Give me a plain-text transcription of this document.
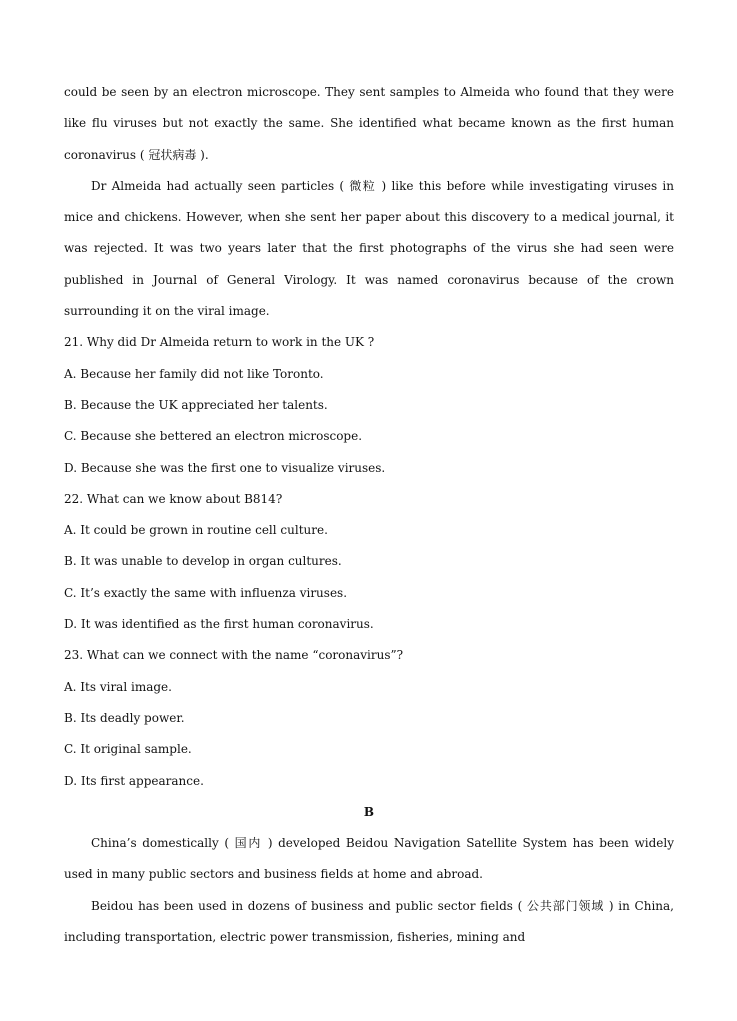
could be seen by an electron microscope. They sent samples to Almeida who found that they were like flu viruses but not exactly the same. She identified what became known as the first human coronavirus ( 冠状病毒 ).

Dr Almeida had actually seen particles ( 微粒 ) like this before while investigating viruses in mice and chickens. However, when she sent her paper about this discovery to a medical journal, it was rejected. It was two years later that the first photographs of the virus she had seen were published in Journal of General Virology. It was named coronavirus because of the crown surrounding it on the viral image.

21. Why did Dr Almeida return to work in the UK ?

A. Because her family did not like Toronto.

B. Because the UK appreciated her talents.

C. Because she bettered an electron microscope.

D. Because she was the first one to visualize viruses.

22. What can we know about B814?

A. It could be grown in routine cell culture.

B. It was unable to develop in organ cultures.

C. It’s exactly the same with influenza viruses.

D. It was identified as the first human coronavirus.

23. What can we connect with the name “coronavirus”?

A. Its viral image.

B. Its deadly power.

C. It original sample.

D. Its first appearance.

B

China’s domestically ( 国内 ) developed Beidou Navigation Satellite System has been widely used in many public sectors and business fields at home and abroad.

Beidou has been used in dozens of business and public sector fields ( 公共部门领域 ) in China, including transportation, electric power transmission, fisheries, mining and
